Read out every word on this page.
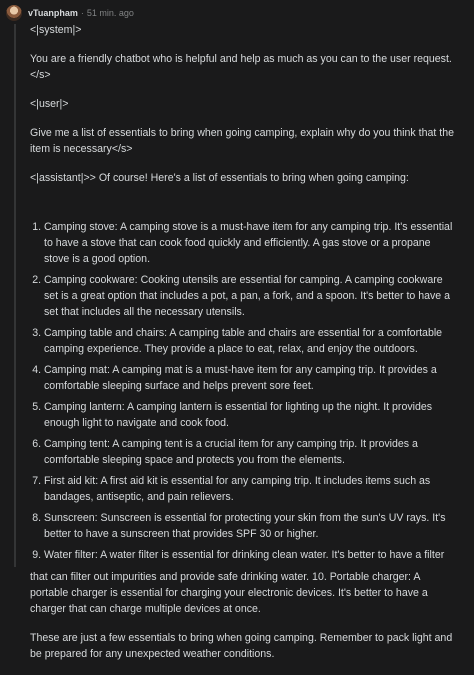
vTuanpham · 51 min. ago

<|system|>

You are a friendly chatbot who is helpful and help as much as you can to the user request.</s>

<|user|>

Give me a list of essentials to bring when going camping, explain why do you think that the item is necessary</s>

<|assistant|>> Of course! Here's a list of essentials to bring when going camping:

1. Camping stove: A camping stove is a must-have item for any camping trip. It's essential to have a stove that can cook food quickly and efficiently. A gas stove or a propane stove is a good option.
2. Camping cookware: Cooking utensils are essential for camping. A camping cookware set is a great option that includes a pot, a pan, a fork, and a spoon. It's better to have a set that includes all the necessary utensils.
3. Camping table and chairs: A camping table and chairs are essential for a comfortable camping experience. They provide a place to eat, relax, and enjoy the outdoors.
4. Camping mat: A camping mat is a must-have item for any camping trip. It provides a comfortable sleeping surface and helps prevent sore feet.
5. Camping lantern: A camping lantern is essential for lighting up the night. It provides enough light to navigate and cook food.
6. Camping tent: A camping tent is a crucial item for any camping trip. It provides a comfortable sleeping space and protects you from the elements.
7. First aid kit: A first aid kit is essential for any camping trip. It includes items such as bandages, antiseptic, and pain relievers.
8. Sunscreen: Sunscreen is essential for protecting your skin from the sun's UV rays. It's better to have a sunscreen that provides SPF 30 or higher.
9. Water filter: A water filter is essential for drinking clean water. It's better to have a filter

that can filter out impurities and provide safe drinking water. 10. Portable charger: A portable charger is essential for charging your electronic devices. It's better to have a charger that can charge multiple devices at once.

These are just a few essentials to bring when going camping. Remember to pack light and be prepared for any unexpected weather conditions.
